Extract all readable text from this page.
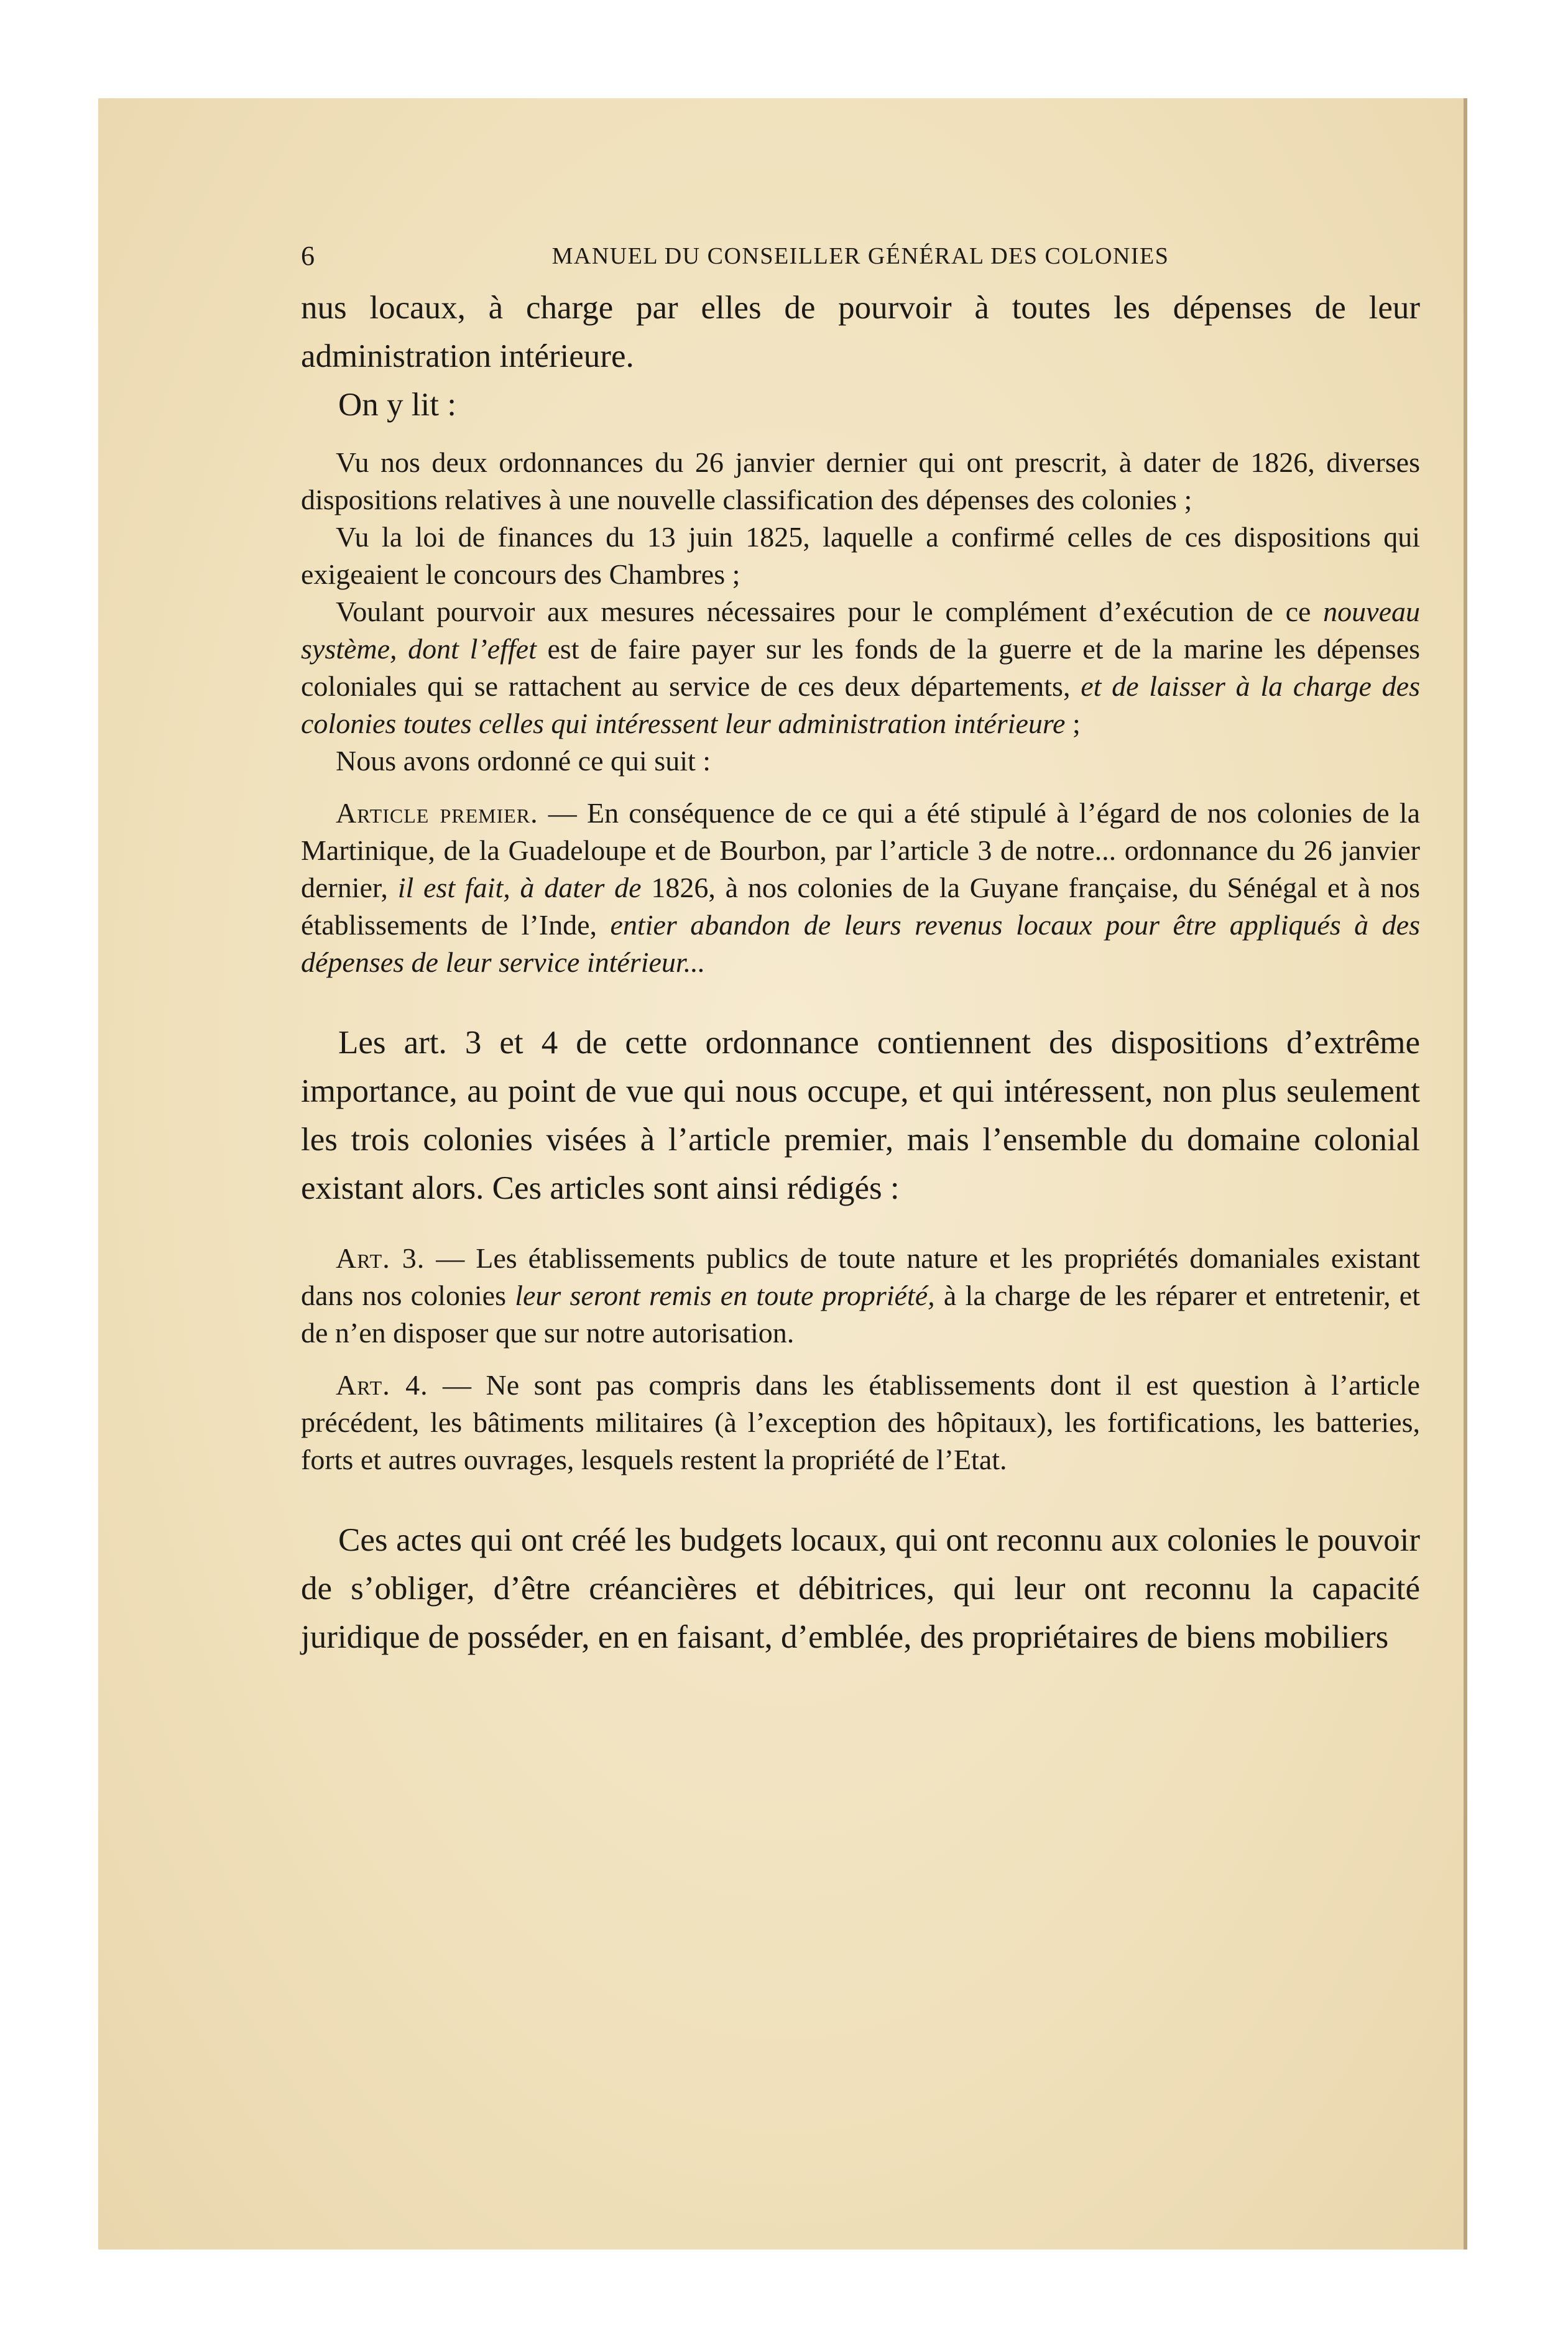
6	MANUEL DU CONSEILLER GÉNÉRAL DES COLONIES

nus locaux, à charge par elles de pourvoir à toutes les dépenses de leur administration intérieure.

On y lit :

Vu nos deux ordonnances du 26 janvier dernier qui ont prescrit, à dater de 1826, diverses dispositions relatives à une nouvelle classification des dépenses des colonies ;

Vu la loi de finances du 13 juin 1825, laquelle a confirmé celles de ces dispositions qui exigeaient le concours des Chambres ;

Voulant pourvoir aux mesures nécessaires pour le complément d’exécution de ce nouveau système, dont l’effet est de faire payer sur les fonds de la guerre et de la marine les dépenses coloniales qui se rattachent au service de ces deux départements, et de laisser à la charge des colonies toutes celles qui intéressent leur administration intérieure ;

Nous avons ordonné ce qui suit :

Article premier. — En conséquence de ce qui a été stipulé à l’égard de nos colonies de la Martinique, de la Guadeloupe et de Bourbon, par l’article 3 de notre... ordonnance du 26 janvier dernier, il est fait, à dater de 1826, à nos colonies de la Guyane française, du Sénégal et à nos établissements de l’Inde, entier abandon de leurs revenus locaux pour être appliqués à des dépenses de leur service intérieur...

Les art. 3 et 4 de cette ordonnance contiennent des dispositions d’extrême importance, au point de vue qui nous occupe, et qui intéressent, non plus seulement les trois colonies visées à l’article premier, mais l’ensemble du domaine colonial existant alors. Ces articles sont ainsi rédigés :

Art. 3. — Les établissements publics de toute nature et les propriétés domaniales existant dans nos colonies leur seront remis en toute propriété, à la charge de les réparer et entretenir, et de n’en disposer que sur notre autorisation.

Art. 4. — Ne sont pas compris dans les établissements dont il est question à l’article précédent, les bâtiments militaires (à l’exception des hôpitaux), les fortifications, les batteries, forts et autres ouvrages, lesquels restent la propriété de l’Etat.

Ces actes qui ont créé les budgets locaux, qui ont reconnu aux colonies le pouvoir de s’obliger, d’être créancières et débitrices, qui leur ont reconnu la capacité juridique de posséder, en en faisant, d’emblée, des propriétaires de biens mobiliers
